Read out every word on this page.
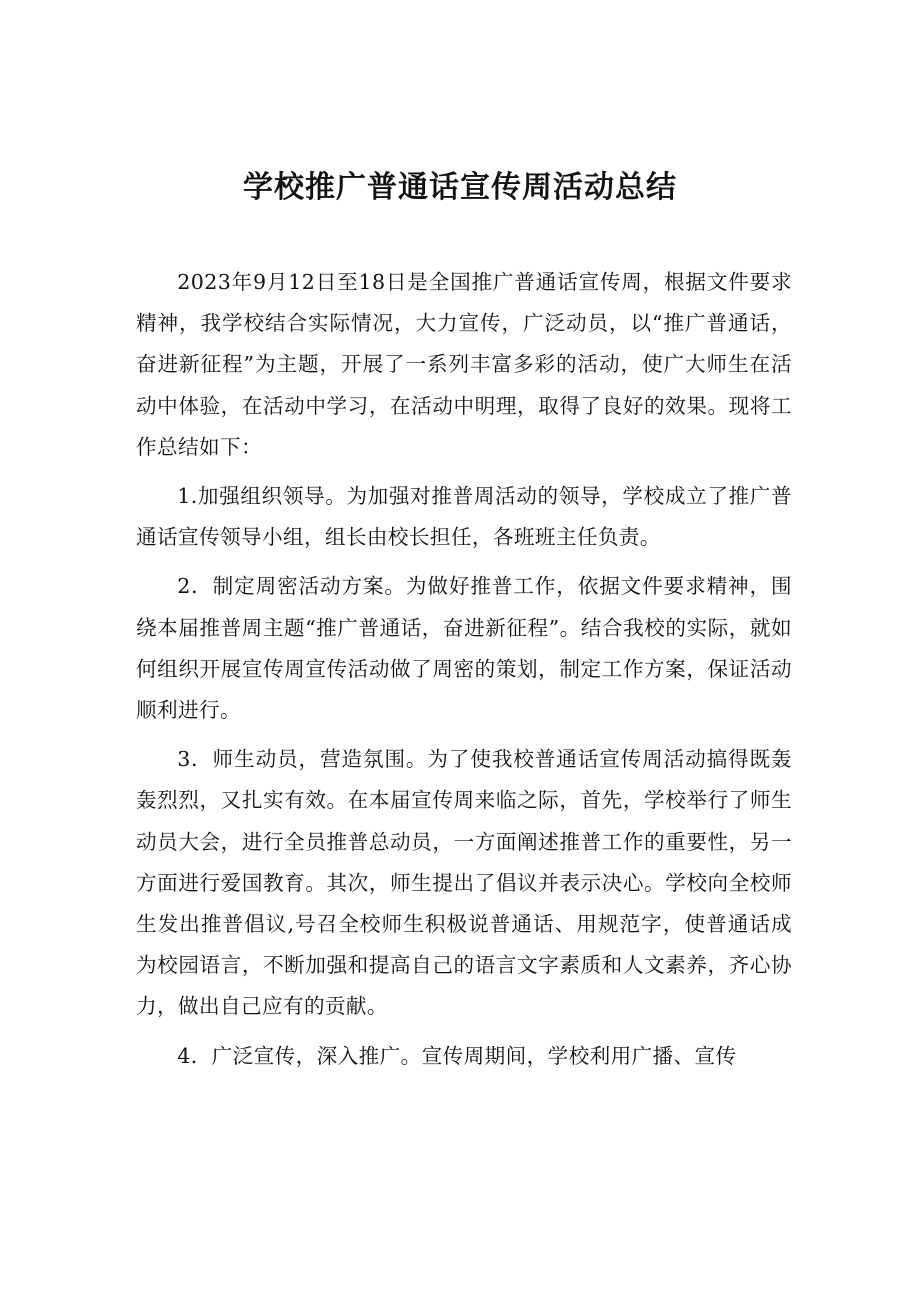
学校推广普通话宣传周活动总结

2023年9月12日至18日是全国推广普通话宣传周，根据文件要求精神，我学校结合实际情况，大力宣传，广泛动员，以“推广普通话，奋进新征程”为主题，开展了一系列丰富多彩的活动，使广大师生在活动中体验，在活动中学习，在活动中明理，取得了良好的效果。现将工作总结如下：

1.加强组织领导。为加强对推普周活动的领导，学校成立了推广普通话宣传领导小组，组长由校长担任，各班班主任负责。

2．制定周密活动方案。为做好推普工作，依据文件要求精神，围绕本届推普周主题“推广普通话，奋进新征程”。结合我校的实际，就如何组织开展宣传周宣传活动做了周密的策划，制定工作方案，保证活动顺利进行。

3．师生动员，营造氛围。为了使我校普通话宣传周活动搞得既轰轰烈烈，又扎实有效。在本届宣传周来临之际，首先，学校举行了师生动员大会，进行全员推普总动员，一方面阐述推普工作的重要性，另一方面进行爱国教育。其次，师生提出了倡议并表示决心。学校向全校师生发出推普倡议,号召全校师生积极说普通话、用规范字，使普通话成为校园语言，不断加强和提高自己的语言文字素质和人文素养，齐心协力，做出自己应有的贡献。

4．广泛宣传，深入推广。宣传周期间，学校利用广播、宣传
